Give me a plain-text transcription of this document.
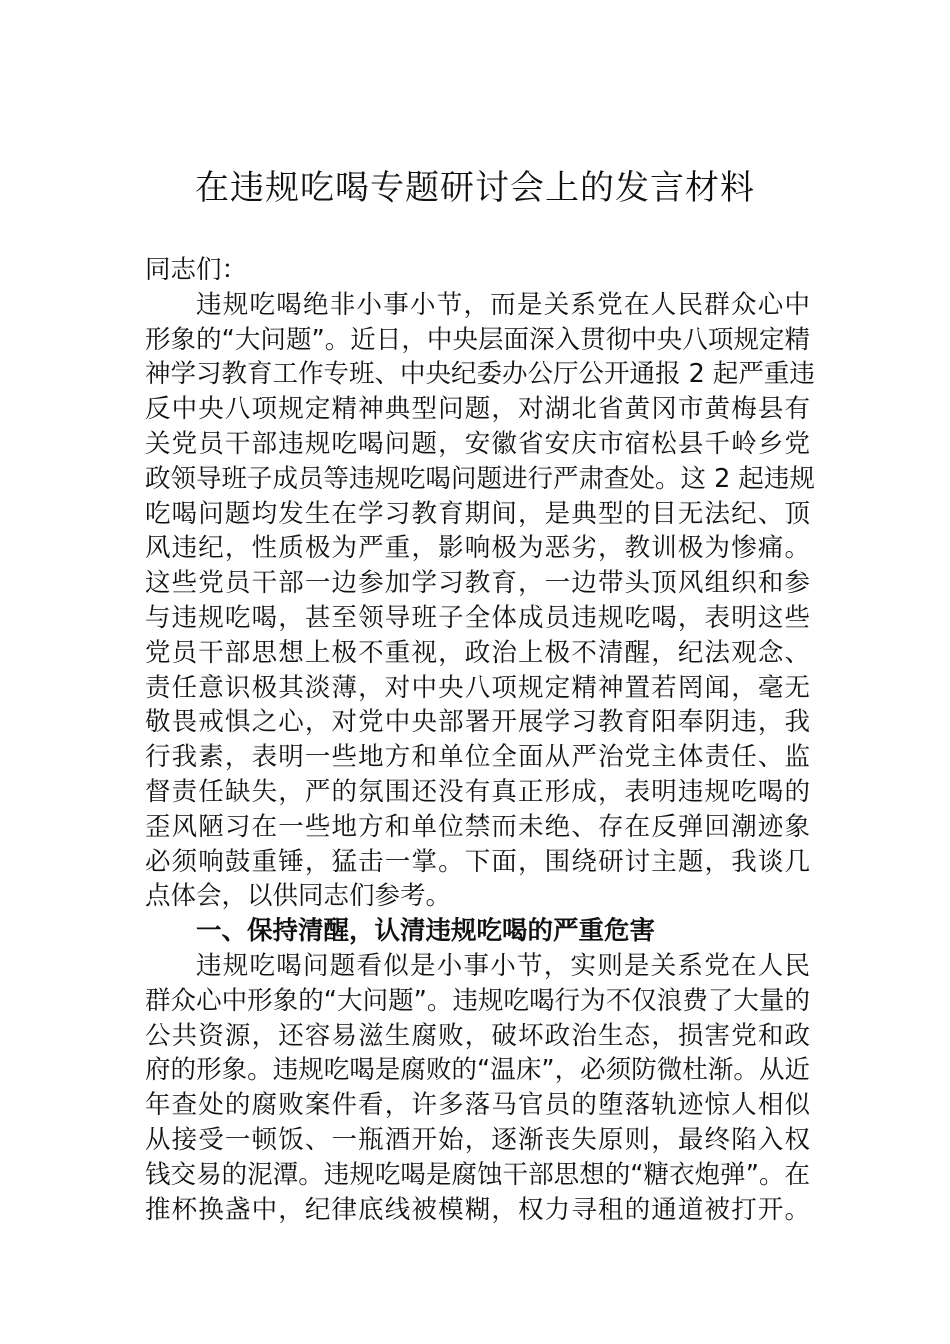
在违规吃喝专题研讨会上的发言材料
同志们：
违规吃喝绝非小事小节，而是关系党在人民群众心中
形象的“大问题”。近日，中央层面深入贯彻中央八项规定精
神学习教育工作专班、中央纪委办公厅公开通报 2 起严重违
反中央八项规定精神典型问题，对湖北省黄冈市黄梅县有
关党员干部违规吃喝问题，安徽省安庆市宿松县千岭乡党
政领导班子成员等违规吃喝问题进行严肃查处。这 2 起违规
吃喝问题均发生在学习教育期间，是典型的目无法纪、顶
风违纪，性质极为严重，影响极为恶劣，教训极为惨痛。
这些党员干部一边参加学习教育，一边带头顶风组织和参
与违规吃喝，甚至领导班子全体成员违规吃喝，表明这些
党员干部思想上极不重视，政治上极不清醒，纪法观念、
责任意识极其淡薄，对中央八项规定精神置若罔闻，毫无
敬畏戒惧之心，对党中央部署开展学习教育阳奉阴违，我
行我素，表明一些地方和单位全面从严治党主体责任、监
督责任缺失，严的氛围还没有真正形成，表明违规吃喝的
歪风陋习在一些地方和单位禁而未绝、存在反弹回潮迹象
必须响鼓重锤，猛击一掌。下面，围绕研讨主题，我谈几
点体会，以供同志们参考。
一、保持清醒，认清违规吃喝的严重危害
违规吃喝问题看似是小事小节，实则是关系党在人民
群众心中形象的“大问题”。违规吃喝行为不仅浪费了大量的
公共资源，还容易滋生腐败，破坏政治生态，损害党和政
府的形象。违规吃喝是腐败的“温床”，必须防微杜渐。从近
年查处的腐败案件看，许多落马官员的堕落轨迹惊人相似
从接受一顿饭、一瓶酒开始，逐渐丧失原则，最终陷入权
钱交易的泥潭。违规吃喝是腐蚀干部思想的“糖衣炮弹”。在
推杯换盏中，纪律底线被模糊，权力寻租的通道被打开。
